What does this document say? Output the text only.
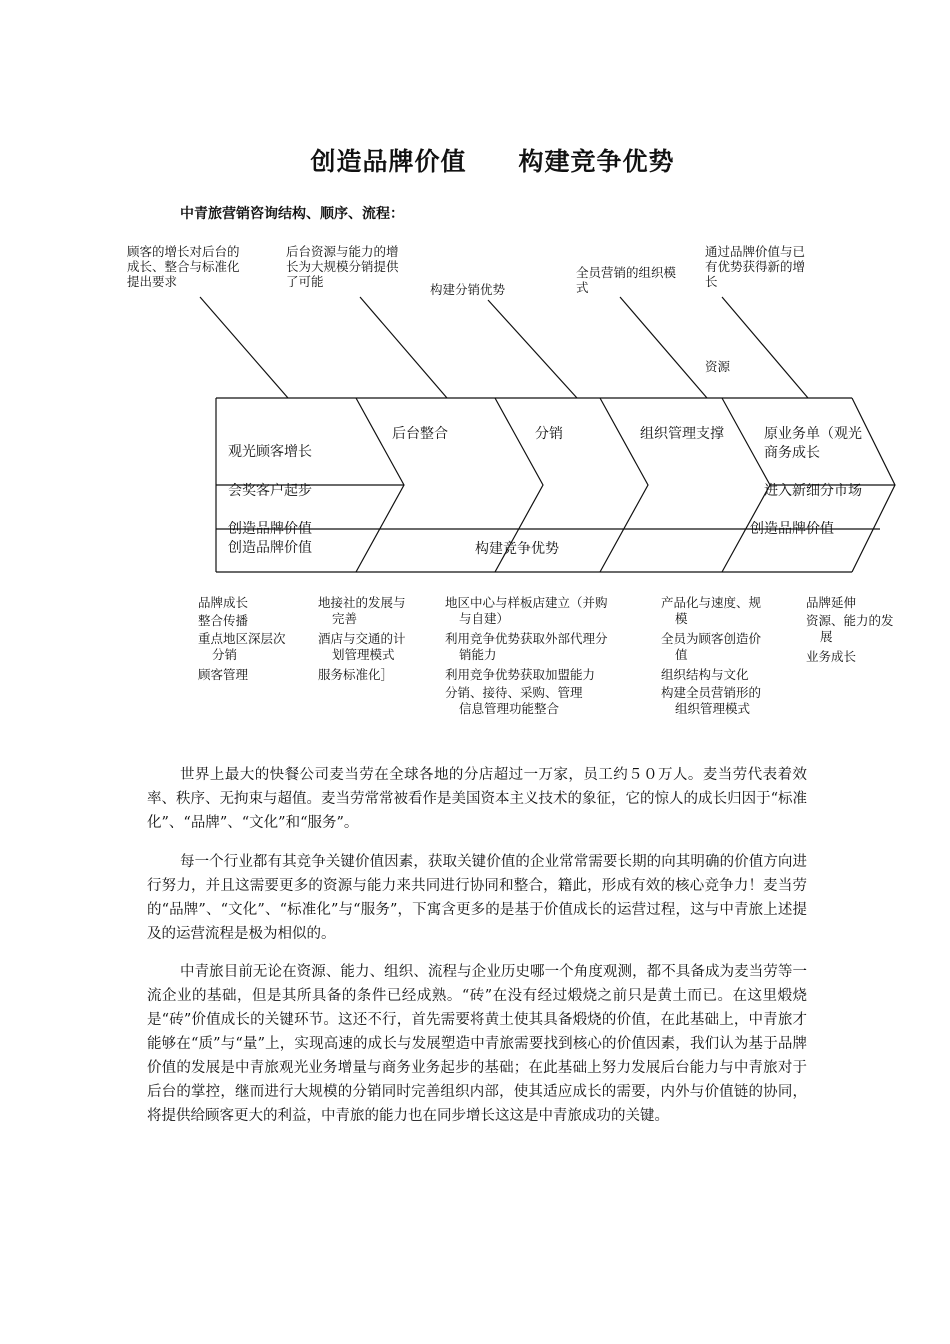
创造品牌价值　　 构建竞争优势
中青旅营销咨询结构、顺序、流程：
顾客的增长对后台的成长、整合与标准化提出要求
后台资源与能力的增长为大规模分销提供了可能
构建分销优势
全员营销的组织模式
通过品牌价值与已有优势获得新的增长
资源
观光顾客增长
后台整合	分销	组织管理支撑	原业务单（观光商务成长
会奖客户起步	进入新细分市场
创造品牌价值
创造品牌价值	构建竞争优势
创造品牌价值
品牌成长
整合传播
重点地区深层次
分销
顾客管理
地接社的发展与
完善
酒店与交通的计
划管理模式
服务标准化］
地区中心与样板店建立（并购
与自建）
利用竞争优势获取外部代理分
销能力
利用竞争优势获取加盟能力
分销、接待、采购、管理
信息管理功能整合
产品化与速度、规
模
全员为顾客创造价
值
组织结构与文化
构建全员营销形的
组织管理模式
品牌延伸
资源、能力的发
展
业务成长
世界上最大的快餐公司麦当劳在全球各地的分店超过一万家，员工约５０万人。麦当劳代表着效率、秩序、无拘束与超值。麦当劳常常被看作是美国资本主义技术的象征，它的惊人的成长归因于“标准化”、“品牌”、“文化”和“服务”。
每一个行业都有其竞争关键价值因素，获取关键价值的企业常常需要长期的向其明确的价值方向进行努力，并且这需要更多的资源与能力来共同进行协同和整合，籍此，形成有效的核心竞争力！麦当劳的“品牌”、“文化”、“标准化”与“服务”，下寓含更多的是基于价值成长的运营过程，这与中青旅上述提及的运营流程是极为相似的。
中青旅目前无论在资源、能力、组织、流程与企业历史哪一个角度观测，都不具备成为麦当劳等一流企业的基础，但是其所具备的条件已经成熟。“砖”在没有经过煅烧之前只是黄土而已。在这里煅烧是“砖”价值成长的关键环节。这还不行，首先需要将黄土使其具备煅烧的价值，在此基础上，中青旅才能够在“质”与“量”上，实现高速的成长与发展塑造中青旅需要找到核心的价值因素，我们认为基于品牌价值的发展是中青旅观光业务增量与商务业务起步的基础；在此基础上努力发展后台能力与中青旅对于后台的掌控，继而进行大规模的分销同时完善组织内部，使其适应成长的需要，内外与价值链的协同，将提供给顾客更大的利益，中青旅的能力也在同步增长这这是中青旅成功的关键。
